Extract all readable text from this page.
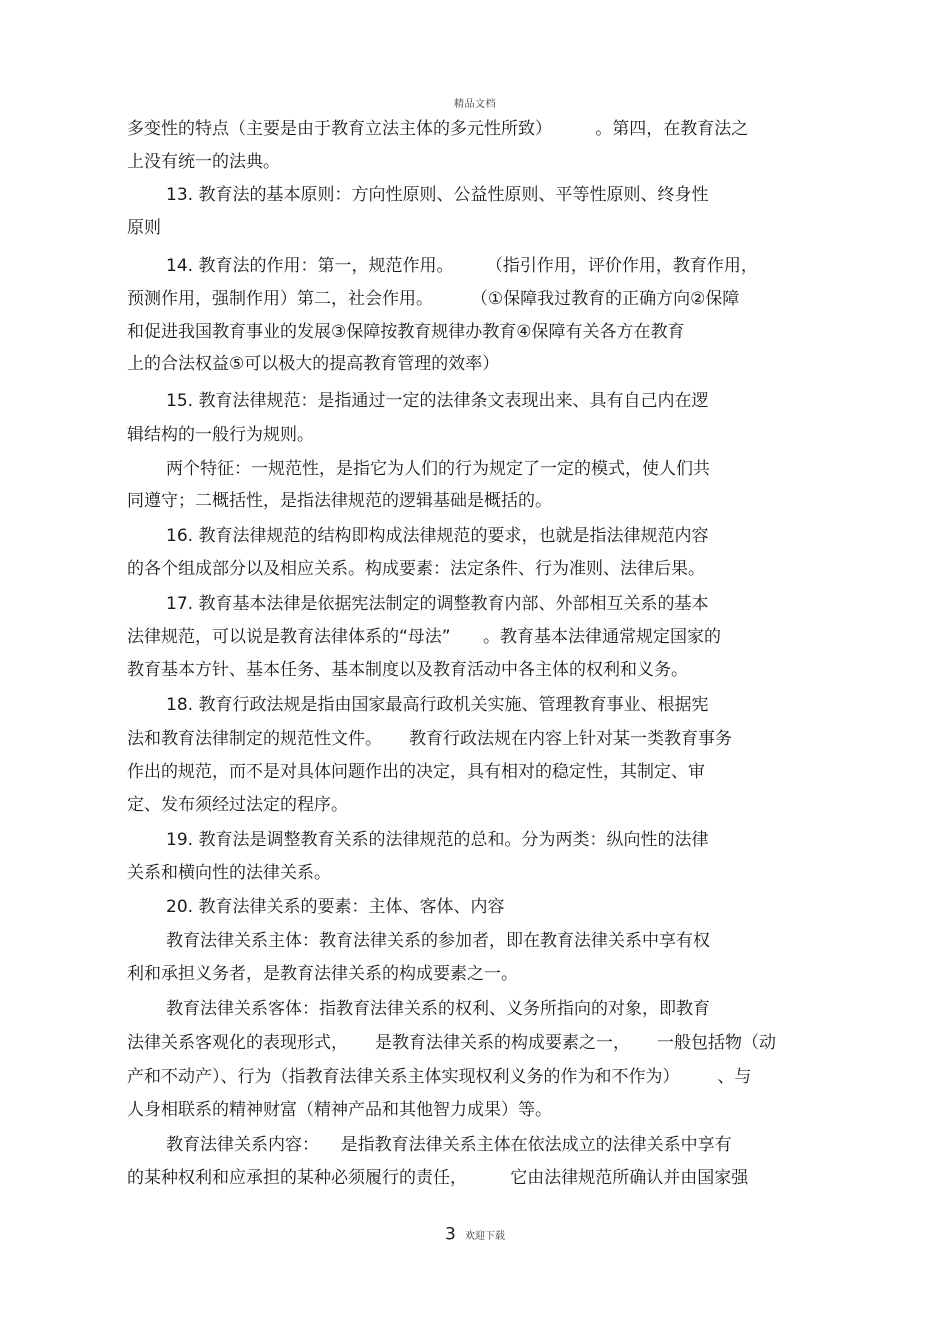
精品文档
多变性的特点（主要是由于教育立法主体的多元性所致）        。第四，在教育法之
上没有统一的法典。
13. 教育法的基本原则：方向性原则、公益性原则、平等性原则、终身性
原则
14. 教育法的作用：第一，规范作用。      （指引作用，评价作用，教育作用，
预测作用，强制作用）第二，社会作用。       （①保障我过教育的正确方向②保障
和促进我国教育事业的发展③保障按教育规律办教育④保障有关各方在教育
上的合法权益⑤可以极大的提高教育管理的效率）
15. 教育法律规范：是指通过一定的法律条文表现出来、具有自己内在逻
辑结构的一般行为规则。
两个特征：一规范性，是指它为人们的行为规定了一定的模式，使人们共
同遵守；二概括性，是指法律规范的逻辑基础是概括的。
16. 教育法律规范的结构即构成法律规范的要求，也就是指法律规范内容
的各个组成部分以及相应关系。构成要素：法定条件、行为准则、法律后果。
17. 教育基本法律是依据宪法制定的调整教育内部、外部相互关系的基本
法律规范，可以说是教育法律体系的“母法”      。教育基本法律通常规定国家的
教育基本方针、基本任务、基本制度以及教育活动中各主体的权利和义务。
18. 教育行政法规是指由国家最高行政机关实施、管理教育事业、根据宪
法和教育法律制定的规范性文件。     教育行政法规在内容上针对某一类教育事务
作出的规范，而不是对具体问题作出的决定，具有相对的稳定性，其制定、审
定、发布须经过法定的程序。
19. 教育法是调整教育关系的法律规范的总和。分为两类：纵向性的法律
关系和横向性的法律关系。
20. 教育法律关系的要素：主体、客体、内容
教育法律关系主体：教育法律关系的参加者，即在教育法律关系中享有权
利和承担义务者，是教育法律关系的构成要素之一。
教育法律关系客体：指教育法律关系的权利、义务所指向的对象，即教育
法律关系客观化的表现形式，     是教育法律关系的构成要素之一，     一般包括物（动
产和不动产）、行为（指教育法律关系主体实现权利义务的作为和不作为）       、与
人身相联系的精神财富（精神产品和其他智力成果）等。
教育法律关系内容：    是指教育法律关系主体在依法成立的法律关系中享有
的某种权利和应承担的某种必须履行的责任，        它由法律规范所确认并由国家强
3 欢迎下载
